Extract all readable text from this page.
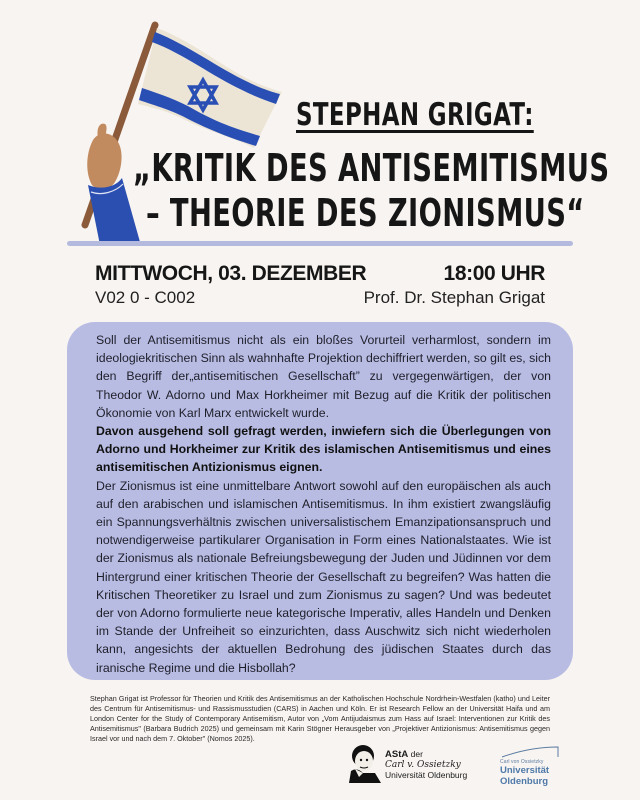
STEPHAN GRIGAT:
„KRITIK DES ANTISEMITISMUS
– THEORIE DES ZIONISMUS“
MITTWOCH, 03. DEZEMBER	18:00 UHR
V02 0 - C002	Prof. Dr. Stephan Grigat

Soll der Antisemitismus nicht als ein bloßes Vorurteil verharmlost, sondern im ideologiekritischen Sinn als wahnhafte Projektion dechiffriert werden, so gilt es, sich den Begriff der„antisemitischen Gesellschaft” zu vergegenwärtigen, der von Theodor W. Adorno und Max Horkheimer mit Bezug auf die Kritik der politischen Ökonomie von Karl Marx entwickelt wurde.

Davon ausgehend soll gefragt werden, inwiefern sich die Überlegungen von Adorno und Horkheimer zur Kritik des islamischen Antisemitismus und eines antisemitischen Antizionismus eignen.

Der Zionismus ist eine unmittelbare Antwort sowohl auf den europäischen als auch auf den arabischen und islamischen Antisemitismus. In ihm existiert zwangsläufig ein Spannungsverhältnis zwischen universalistischem Emanzipationsanspruch und notwendigerweise partikularer Organisation in Form eines Nationalstaates. Wie ist der Zionismus als nationale Befreiungsbewegung der Juden und Jüdinnen vor dem Hintergrund einer kritischen Theorie der Gesellschaft zu begreifen? Was hatten die Kritischen Theoretiker zu Israel und zum Zionismus zu sagen? Und was bedeutet der von Adorno formulierte neue kategorische Imperativ, alles Handeln und Denken im Stande der Unfreiheit so einzurichten, dass Auschwitz sich nicht wiederholen kann, angesichts der aktuellen Bedrohung des jüdischen Staates durch das iranische Regime und die Hisbollah?

Stephan Grigat ist Professor für Theorien und Kritik des Antisemitismus an der Katholischen Hochschule Nordrhein-Westfalen (katho) und Leiter des Centrum für Antisemitismus- und Rassismusstudien (CARS) in Aachen und Köln. Er ist Research Fellow an der Universität Haifa und am London Center for the Study of Contemporary Antisemitism, Autor von „Vom Antijudaismus zum Hass auf Israel: Interventionen zur Kritik des Antisemitismus" (Barbara Budrich 2025) und gemeinsam mit Karin Stögner Herausgeber von „Projektiver Antizionismus: Antisemitismus gegen Israel vor und nach dem 7. Oktober" (Nomos 2025).
AStA der
Carl v. Ossietzky
Universität Oldenburg
Carl von Ossietzky
Universität
Oldenburg
